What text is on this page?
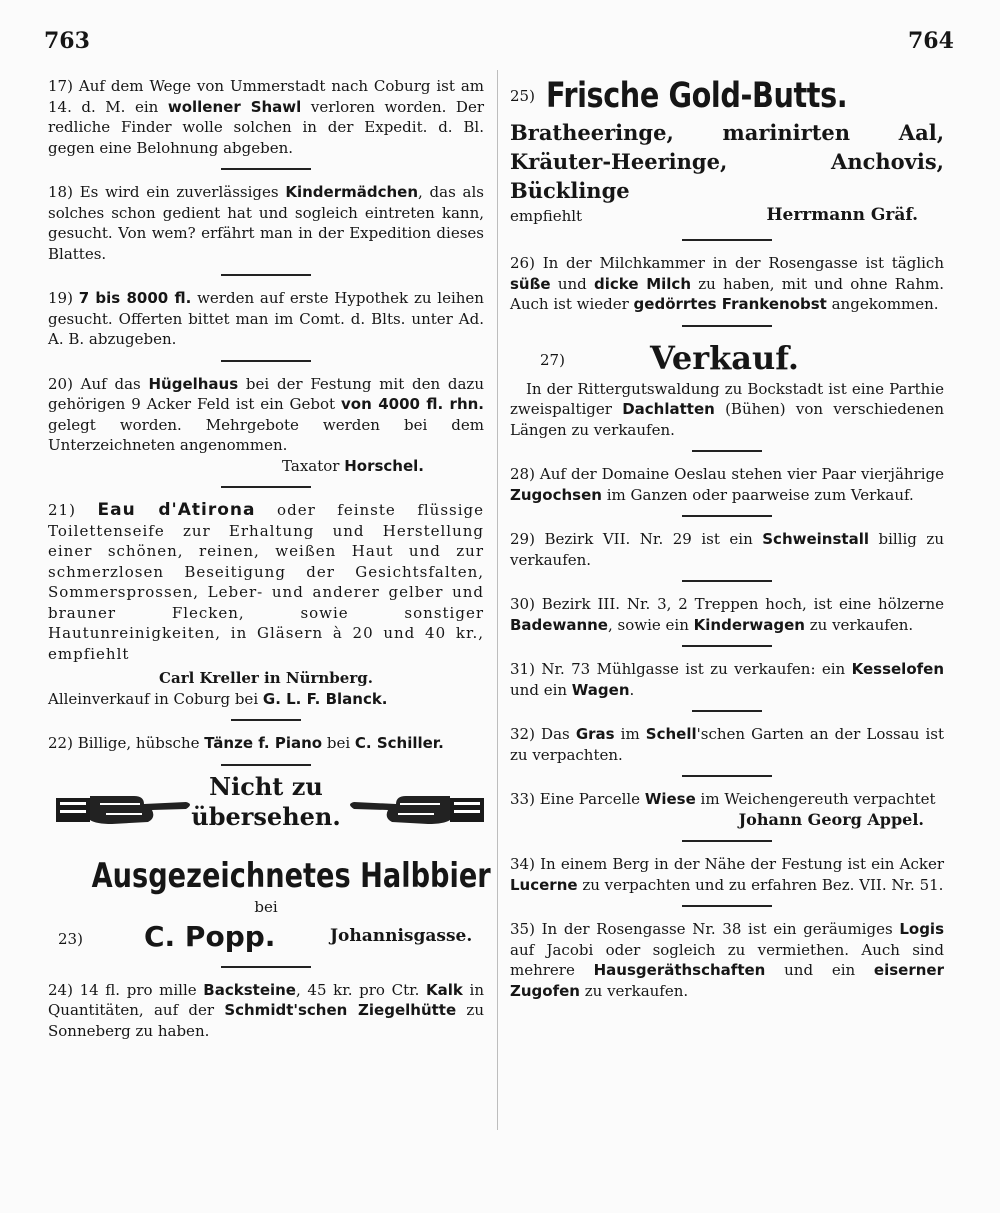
763	764

17) Auf dem Wege von Ummerstadt nach Coburg ist am 14. d. M. ein wollener Shawl verloren worden. Der redliche Finder wolle solchen in der Expedit. d. Bl. gegen eine Belohnung abgeben.

18) Es wird ein zuverlässiges Kindermädchen, das als solches schon gedient hat und sogleich eintreten kann, gesucht. Von wem? erfährt man in der Expedition dieses Blattes.

19) 7 bis 8000 fl. werden auf erste Hypothek zu leihen gesucht. Offerten bittet man im Comt. d. Blts. unter Ad. A. B. abzugeben.

20) Auf das Hügelhaus bei der Festung mit den dazu gehörigen 9 Acker Feld ist ein Gebot von 4000 fl. rhn. gelegt worden. Mehrgebote werden bei dem Unterzeichneten angenommen.

Taxator Horschel.

21) Eau d'Atirona oder feinste flüssige Toilettenseife zur Erhaltung und Herstellung einer schönen, reinen, weißen Haut und zur schmerzlosen Beseitigung der Gesichtsfalten, Sommersprossen, Leber- und anderer gelber und brauner Flecken, sowie sonstiger Hautunreinigkeiten, in Gläsern à 20 und 40 kr., empfiehlt

Carl Kreller in Nürnberg.

Alleinverkauf in Coburg bei G. L. F. Blanck.

22) Billige, hübsche Tänze f. Piano bei C. Schiller.

Nicht zu
übersehen.
Ausgezeichnetes Halbbier
bei
23) C. Popp.	Johannisgasse.

24) 14 fl. pro mille Backsteine, 45 kr. pro Ctr. Kalk in Quantitäten, auf der Schmidt'schen Ziegelhütte zu Sonneberg zu haben.

25) Frische Gold-Butts.
Bratheeringe, marinirten Aal, Kräuter-Heeringe, Anchovis, Bücklinge
empfiehlt	Herrmann Gräf.

26) In der Milchkammer in der Rosengasse ist täglich süße und dicke Milch zu haben, mit und ohne Rahm. Auch ist wieder gedörrtes Frankenobst angekommen.

27)	Verkauf.

In der Rittergutswaldung zu Bockstadt ist eine Parthie zweispaltiger Dachlatten (Bühen) von verschiedenen Längen zu verkaufen.

28) Auf der Domaine Oeslau stehen vier Paar vierjährige Zugochsen im Ganzen oder paarweise zum Verkauf.

29) Bezirk VII. Nr. 29 ist ein Schweinstall billig zu verkaufen.

30) Bezirk III. Nr. 3, 2 Treppen hoch, ist eine hölzerne Badewanne, sowie ein Kinderwagen zu verkaufen.

31) Nr. 73 Mühlgasse ist zu verkaufen: ein Kesselofen und ein Wagen.

32) Das Gras im Schell'schen Garten an der Lossau ist zu verpachten.

33) Eine Parcelle Wiese im Weichengereuth verpachtet

Johann Georg Appel.

34) In einem Berg in der Nähe der Festung ist ein Acker Lucerne zu verpachten und zu erfahren Bez. VII. Nr. 51.

35) In der Rosengasse Nr. 38 ist ein geräumiges Logis auf Jacobi oder sogleich zu vermiethen. Auch sind mehrere Hausgeräthschaften und ein eiserner Zugofen zu verkaufen.
